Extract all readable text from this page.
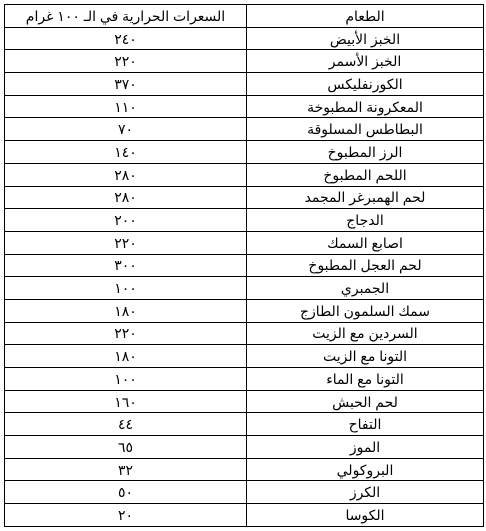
الطعام	السعرات الحرارية في الـ ١٠٠ غرام
الخبز الأبيض	٢٤٠
الخبز الأسمر	٢٢٠
الكورنفليكس	٣٧٠
المعكرونة المطبوخة	١١٠
البطاطس المسلوقة	٧٠
الرز المطبوخ	١٤٠
اللحم المطبوخ	٢٨٠
لحم الهمبرغر المجمد	٢٨٠
الدجاج	٢٠٠
اصابع السمك	٢٢٠
لحم العجل المطبوخ	٣٠٠
الجمبري	١٠٠
سمك السلمون الطازج	١٨٠
السردين مع الزيت	٢٢٠
التونا مع الزيت	١٨٠
التونا مع الماء	١٠٠
لحم الحبش	١٦٠
التفاح	٤٤
الموز	٦٥
البروكولي	٣٢
الكرز	٥٠
الكوسا	٢٠
